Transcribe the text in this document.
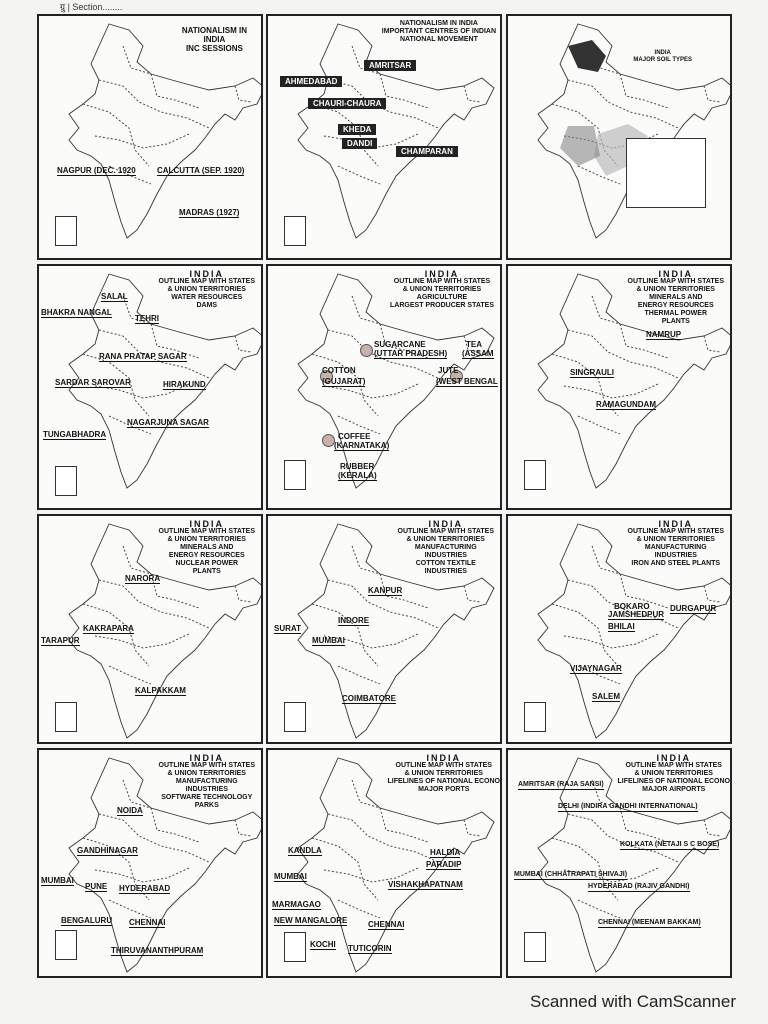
ग्रु | Section........
NATIONALISM IN
INDIA
INC SESSIONS
NAGPUR (DEC. 1920	CALCUTTA (SEP. 1920)
MADRAS (1927)
NATIONALISM IN INDIA
IMPORTANT CENTRES OF INDIAN
NATIONAL MOVEMENT
AMRITSAR
AHMEDABAD
CHAURI-CHAURA
KHEDA
DANDI
CHAMPARAN
INDIA
MAJOR SOIL TYPES
INDIA
OUTLINE MAP WITH STATES
& UNION TERRITORIES
WATER RESOURCES
DAMS
SALAL
BHAKRA NANGAL
TEHRI
RANA PRATAP SAGAR
SARDAR SAROVAR	HIRAKUND
NAGARJUNA SAGAR
TUNGABHADRA
INDIA
OUTLINE MAP WITH STATES
& UNION TERRITORIES
AGRICULTURE
LARGEST PRODUCER STATES
SUGARCANE
(UTTAR PRADESH)
TEA
(ASSAM
COTTON
(GUJARAT)
JUTE
(WEST BENGAL
COFFEE
(KARNATAKA)
RUBBER
(KERALA)
INDIA
OUTLINE MAP WITH STATES
& UNION TERRITORIES
MINERALS AND
ENERGY RESOURCES
THERMAL POWER
PLANTS
NAMRUP
SINGRAULI
RAMAGUNDAM
INDIA
OUTLINE MAP WITH STATES
& UNION TERRITORIES
MINERALS AND
ENERGY RESOURCES
NUCLEAR POWER
PLANTS
NARORA
KAKRAPARA
TARAPUR
KALPAKKAM
INDIA
OUTLINE MAP WITH STATES
& UNION TERRITORIES
MANUFACTURING
INDUSTRIES
COTTON TEXTILE
INDUSTRIES
KANPUR
INDORE
SURAT
MUMBAI
COIMBATORE
INDIA
OUTLINE MAP WITH STATES
& UNION TERRITORIES
MANUFACTURING
INDUSTRIES
IRON AND STEEL PLANTS
BOKARO
JAMSHEDPUR
DURGAPUR
BHILAI
VIJAYNAGAR
SALEM
INDIA
OUTLINE MAP WITH STATES
& UNION TERRITORIES
MANUFACTURING
INDUSTRIES
SOFTWARE TECHNOLOGY
PARKS
NOIDA
GANDHINAGAR
MUMBAI
PUNE HYDERABAD
BENGALURU CHENNAI
THIRUVANANTHPURAM
INDIA
OUTLINE MAP WITH STATES
& UNION TERRITORIES
LIFELINES OF NATIONAL ECONO
MAJOR PORTS
KANDLA	HALDIA
PARADIP
MUMBAI
VISHAKHAPATNAM
MARMAGAO
NEW MANGALORE	CHENNAI
KOCHI TUTICORIN
INDIA
OUTLINE MAP WITH STATES
& UNION TERRITORIES
LIFELINES OF NATIONAL ECONO
MAJOR AIRPORTS
AMRITSAR (RAJA SANSI)
DELHI (INDIRA GANDHI INTERNATIONAL)
KOLKATA (NETAJI S C BOSE)
MUMBAI (CHHATRAPATI SHIVAJI)
HYDERABAD (RAJIV GANDHI)
CHENNAI (MEENAM BAKKAM)
Scanned with CamScanner
